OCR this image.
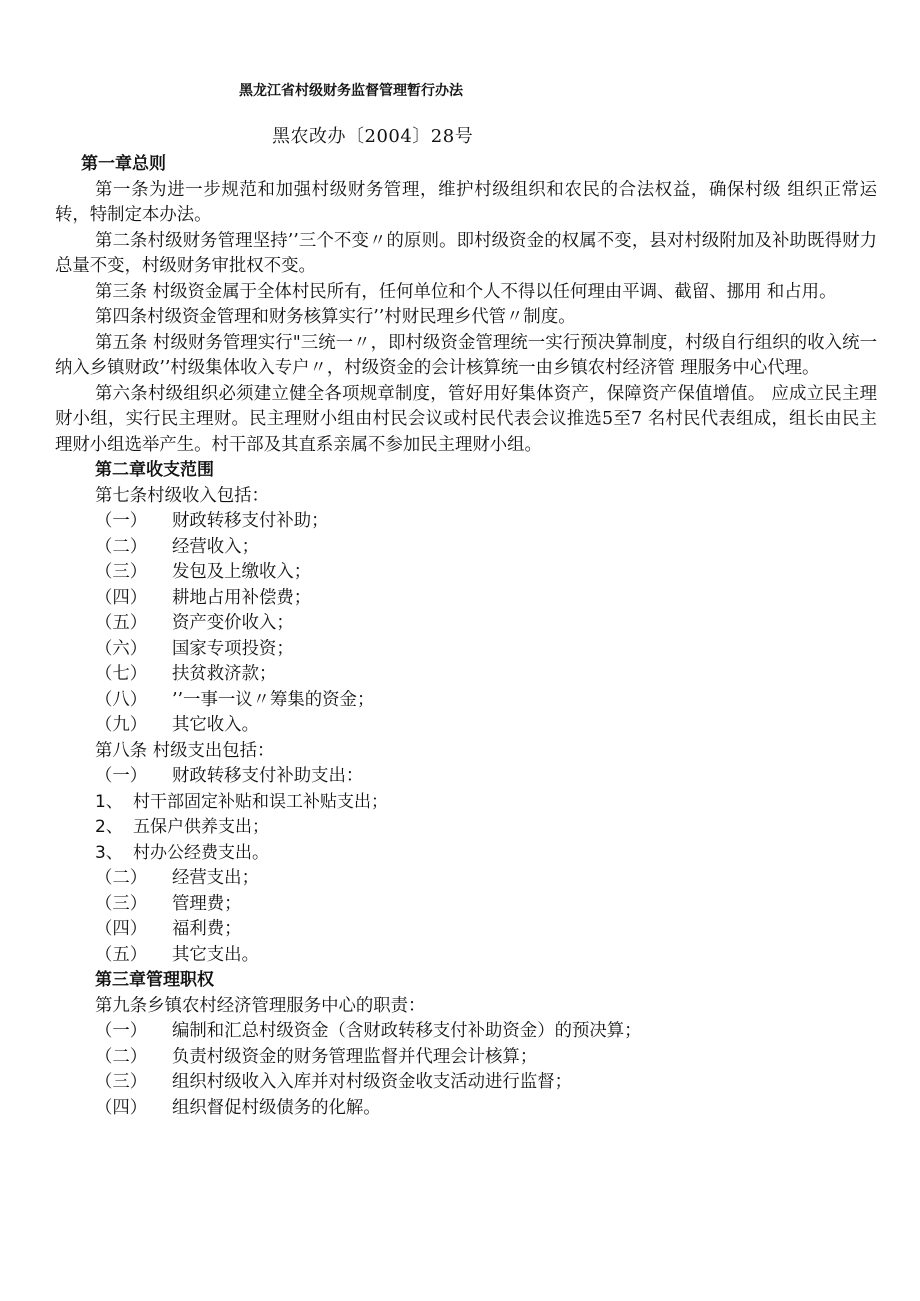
黑龙江省村级财务监督管理暂行办法
黑农改办〔2004〕28号
第一章总则
第一条为进一步规范和加强村级财务管理，维护村级组织和农民的合法权益，确保村级 组织正常运转，特制定本办法。
第二条村级财务管理坚持’’三个不变〃的原则。即村级资金的权属不变，县对村级附加及补助既得财力总量不变，村级财务审批权不变。
第三条 村级资金属于全体村民所有，任何单位和个人不得以任何理由平调、截留、挪用 和占用。
第四条村级资金管理和财务核算实行’’村财民理乡代管〃制度。
第五条 村级财务管理实行"三统一〃，即村级资金管理统一实行预决算制度，村级自行组织的收入统一纳入乡镇财政’’村级集体收入专户〃，村级资金的会计核算统一由乡镇农村经济管 理服务中心代理。
第六条村级组织必须建立健全各项规章制度，管好用好集体资产，保障资产保值增值。 应成立民主理财小组，实行民主理财。民主理财小组由村民会议或村民代表会议推选5至7 名村民代表组成，组长由民主理财小组选举产生。村干部及其直系亲属不参加民主理财小组。
第二章收支范围
第七条村级收入包括：
（一） 财政转移支付补助；
（二） 经营收入；
（三） 发包及上缴收入；
（四） 耕地占用补偿费；
（五） 资产变价收入；
（六） 国家专项投资；
（七） 扶贫救济款；
（八） ’’一事一议〃筹集的资金；
（九） 其它收入。
第八条 村级支出包括：
（一） 财政转移支付补助支出：
1、 村干部固定补贴和误工补贴支出；
2、 五保户供养支出；
3、 村办公经费支出。
（二） 经营支出；
（三） 管理费；
（四） 福利费；
（五） 其它支出。
第三章管理职权
第九条乡镇农村经济管理服务中心的职责：
（一） 编制和汇总村级资金（含财政转移支付补助资金）的预决算；
（二） 负责村级资金的财务管理监督并代理会计核算；
（三） 组织村级收入入库并对村级资金收支活动进行监督；
（四） 组织督促村级债务的化解。
